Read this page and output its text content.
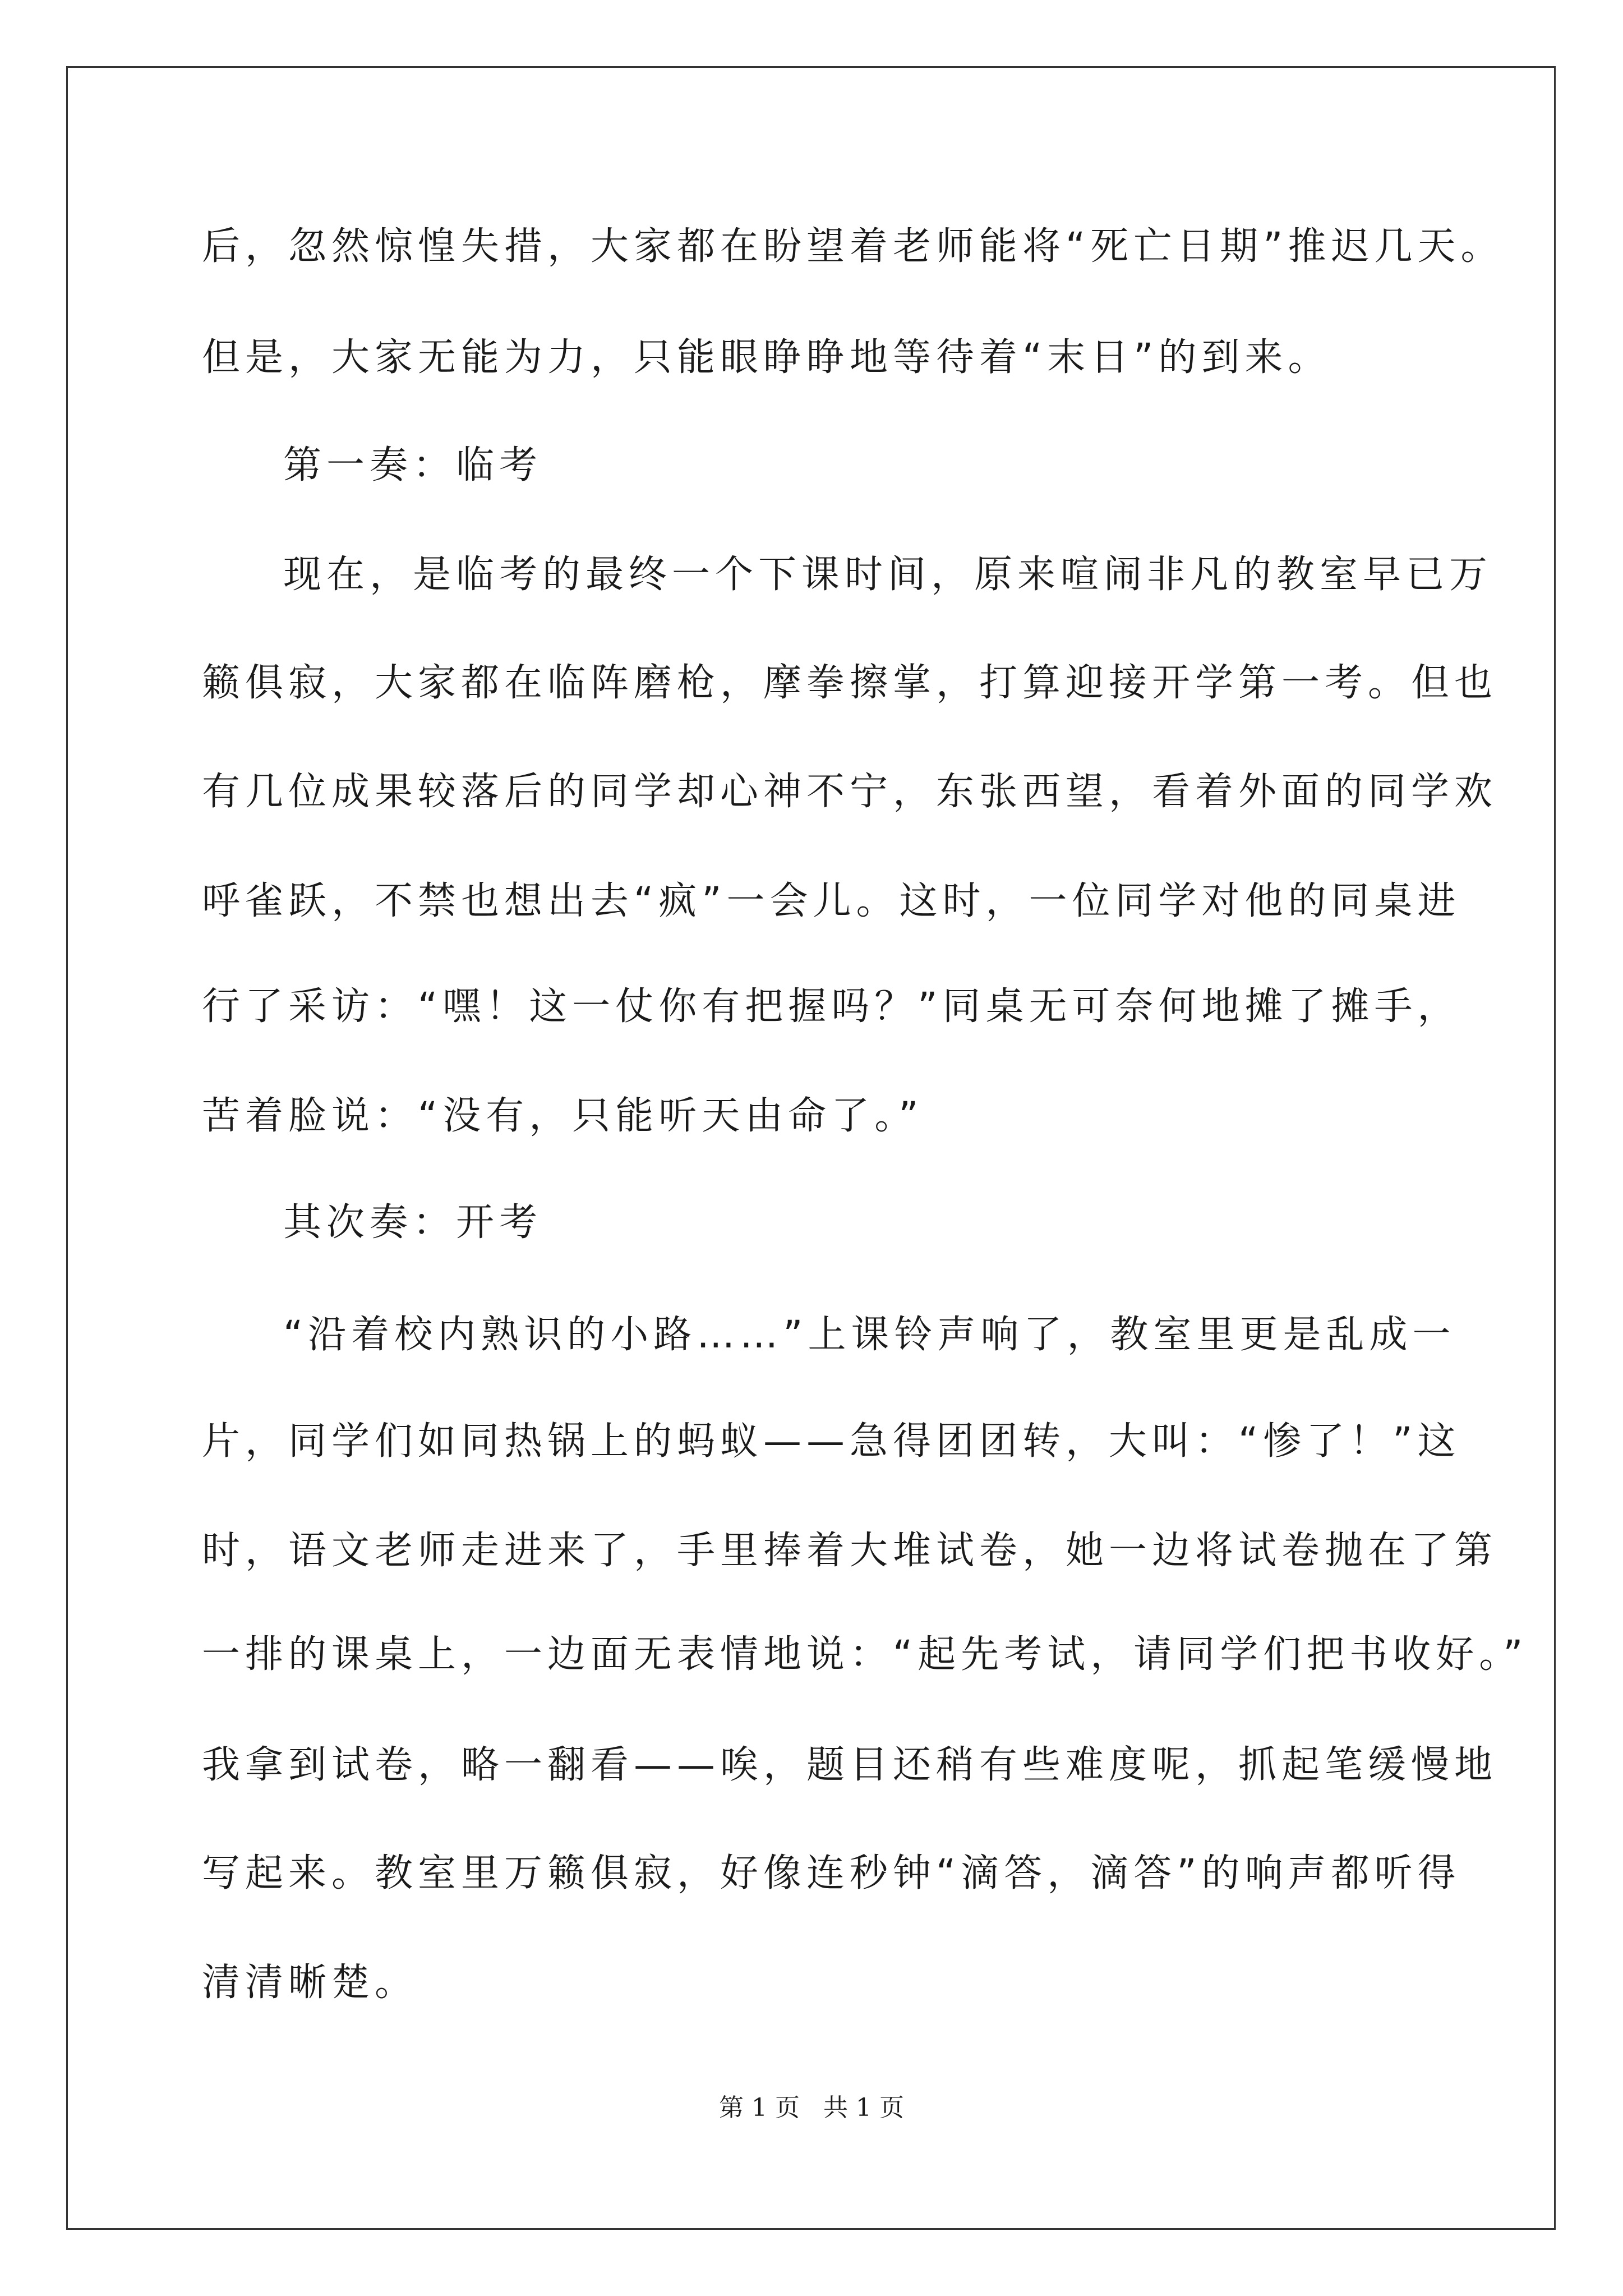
后，忽然惊惶失措，大家都在盼望着老师能将“死亡日期”推迟几天。
但是，大家无能为力，只能眼睁睁地等待着“末日”的到来。
第一奏：临考
现在，是临考的最终一个下课时间，原来喧闹非凡的教室早已万
籁俱寂，大家都在临阵磨枪，摩拳擦掌，打算迎接开学第一考。但也
有几位成果较落后的同学却心神不宁，东张西望，看着外面的同学欢
呼雀跃，不禁也想出去“疯”一会儿。这时，一位同学对他的同桌进
行了采访：“嘿！这一仗你有把握吗？”同桌无可奈何地摊了摊手，
苦着脸说：“没有，只能听天由命了。”
其次奏：开考
“沿着校内熟识的小路……”上课铃声响了，教室里更是乱成一
片，同学们如同热锅上的蚂蚁——急得团团转，大叫：“惨了！”这
时，语文老师走进来了，手里捧着大堆试卷，她一边将试卷抛在了第
一排的课桌上，一边面无表情地说：“起先考试，请同学们把书收好。”
我拿到试卷，略一翻看——唉，题目还稍有些难度呢，抓起笔缓慢地
写起来。教室里万籁俱寂，好像连秒钟“滴答，滴答”的响声都听得
清清晰楚。
第 1 页 共 1 页
